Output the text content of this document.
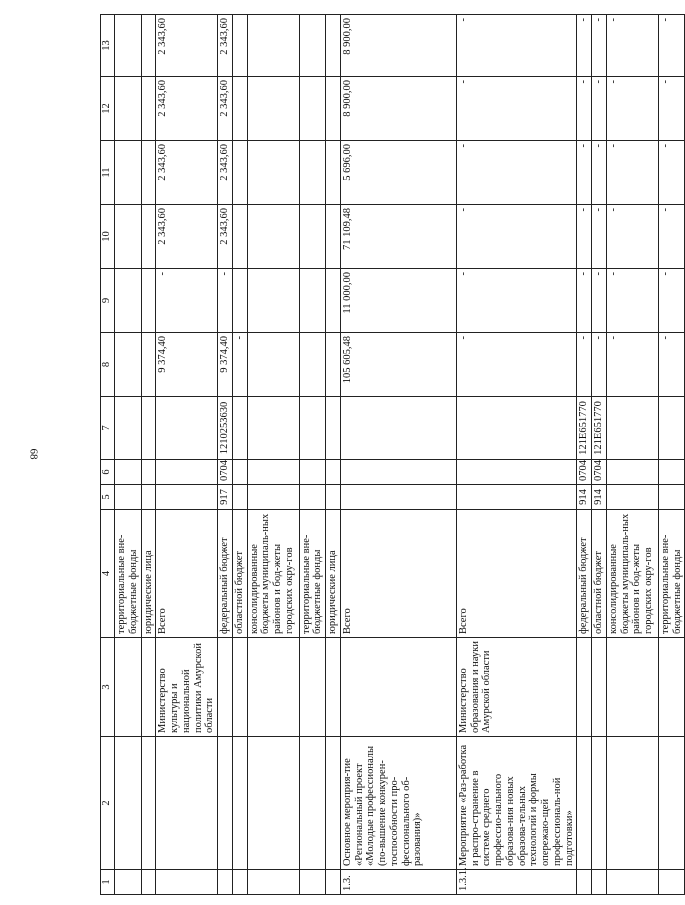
68
1	2	3	4	5	6	7	8	9	10	11	12	13
			территориальные вне-бюджетные фонды									
			юридические лица									
		Министерство культуры и национальной политики Амурской области	Всего				9 374,40	-	2 343,60	2 343,60	2 343,60	2 343,60
			федеральный бюджет	917	0704	1210253630	9 374,40	-	2 343,60	2 343,60	2 343,60	2 343,60
			областной бюджет				-					
			консолидированные бюджеты муниципаль-ных районов и бод-жеты городских окру-гов									
			территориальные вне-бюджетные фонды									
			юридические лица									
1.3.	Основное мероприя-тие «Региональный проект «Молодые профессионалы (по-вышение конкурен-тоспособности про-фессионального об-разования)»		Всего				105 605,48	11 000,00	71 109,48	5 696,00	8 900,00	8 900,00
1.3.1.	Мероприятие «Раз-работка и распро-странение в системе среднего профессио-нального образова-ния новых образова-тельных технологий и формы опережаю-щей профессиональ-ной подготовки»	Министерство образования и науки Амурской области	Всего				-	-	-	-	-	-
			федеральный бюджет	914	0704	121E651770	-	-	-	-	-	-
			областной бюджет	914	0704	121E651770	-	-	-	-	-	-
			консолидированные бюджеты муниципаль-ных районов и бод-жеты городских окру-гов				-	-	-	-	-	-
			территориальные вне-бюджетные фонды				-	-	-	-	-	-
